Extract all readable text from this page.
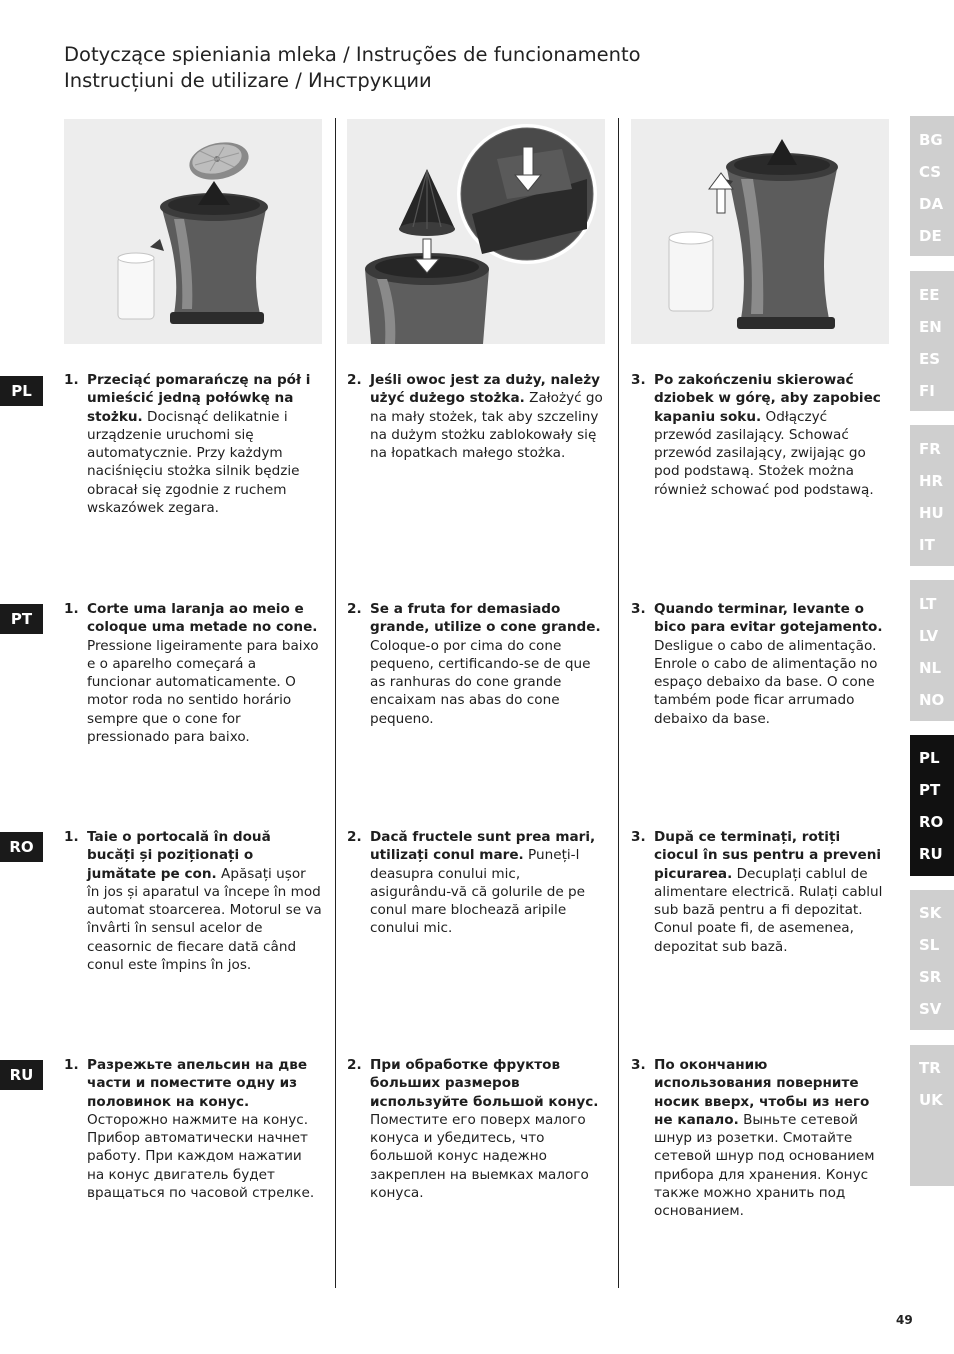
Dotyczące spieniania mleka / Instruções de funcionamento
Instrucțiuni de utilizare / Инструкции
PL
PT
RO
RU
1. Przeciąć pomarańczę na pół i umieścić jedną połówkę na stożku. Docisnąć delikatnie i urządzenie uruchomi się automatycznie. Przy każdym naciśnięciu stożka silnik będzie obracał się zgodnie z ruchem wskazówek zegara.
2. Jeśli owoc jest za duży, należy użyć dużego stożka. Założyć go na mały stożek, tak aby szczeliny na dużym stożku zablokowały się na łopatkach małego stożka.
3. Po zakończeniu skierować dziobek w górę, aby zapobiec kapaniu soku. Odłączyć przewód zasilający. Schować przewód zasilający, zwijając go pod podstawą. Stożek można również schować pod podstawą.
1. Corte uma laranja ao meio e coloque uma metade no cone. Pressione ligeiramente para baixo e o aparelho começará a funcionar automaticamente. O motor roda no sentido horário sempre que o cone for pressionado para baixo.
2. Se a fruta for demasiado grande, utilize o cone grande. Coloque-o por cima do cone pequeno, certificando-se de que as ranhuras do cone grande encaixam nas abas do cone pequeno.
3. Quando terminar, levante o bico para evitar gotejamento. Desligue o cabo de alimentação. Enrole o cabo de alimentação no espaço debaixo da base. O cone também pode ficar arrumado debaixo da base.
1. Taie o portocală în două bucăți și poziționați o jumătate pe con. Apăsați ușor în jos și aparatul va începe în mod automat stoarcerea. Motorul se va învârti în sensul acelor de ceasornic de fiecare dată când conul este împins în jos.
2. Dacă fructele sunt prea mari, utilizați conul mare. Puneți-l deasupra conului mic, asigurându-vă că golurile de pe conul mare blochează aripile conului mic.
3. După ce terminați, rotiți ciocul în sus pentru a preveni picurarea. Decuplați cablul de alimentare electrică. Rulați cablul sub bază pentru a fi depozitat. Conul poate fi, de asemenea, depozitat sub bază.
1. Разрежьте апельсин на две части и поместите одну из половинок на конус. Осторожно нажмите на конус. Прибор автоматически начнет работу. При каждом нажатии на конус двигатель будет вращаться по часовой стрелке.
2. При обработке фруктов больших размеров используйте большой конус. Поместите его поверх малого конуса и убедитесь, что большой конус надежно закреплен на выемках малого конуса.
3. По окончанию использования поверните носик вверх, чтобы из него не капало. Выньте сетевой шнур из розетки. Смотайте сетевой шнур под основанием прибора для хранения. Конус также можно хранить под основанием.
BG
CS
DA
DE
EE
EN
ES
FI
FR
HR
HU
IT
LT
LV
NL
NO
PL
PT
RO
RU
SK
SL
SR
SV
TR
UK
49
